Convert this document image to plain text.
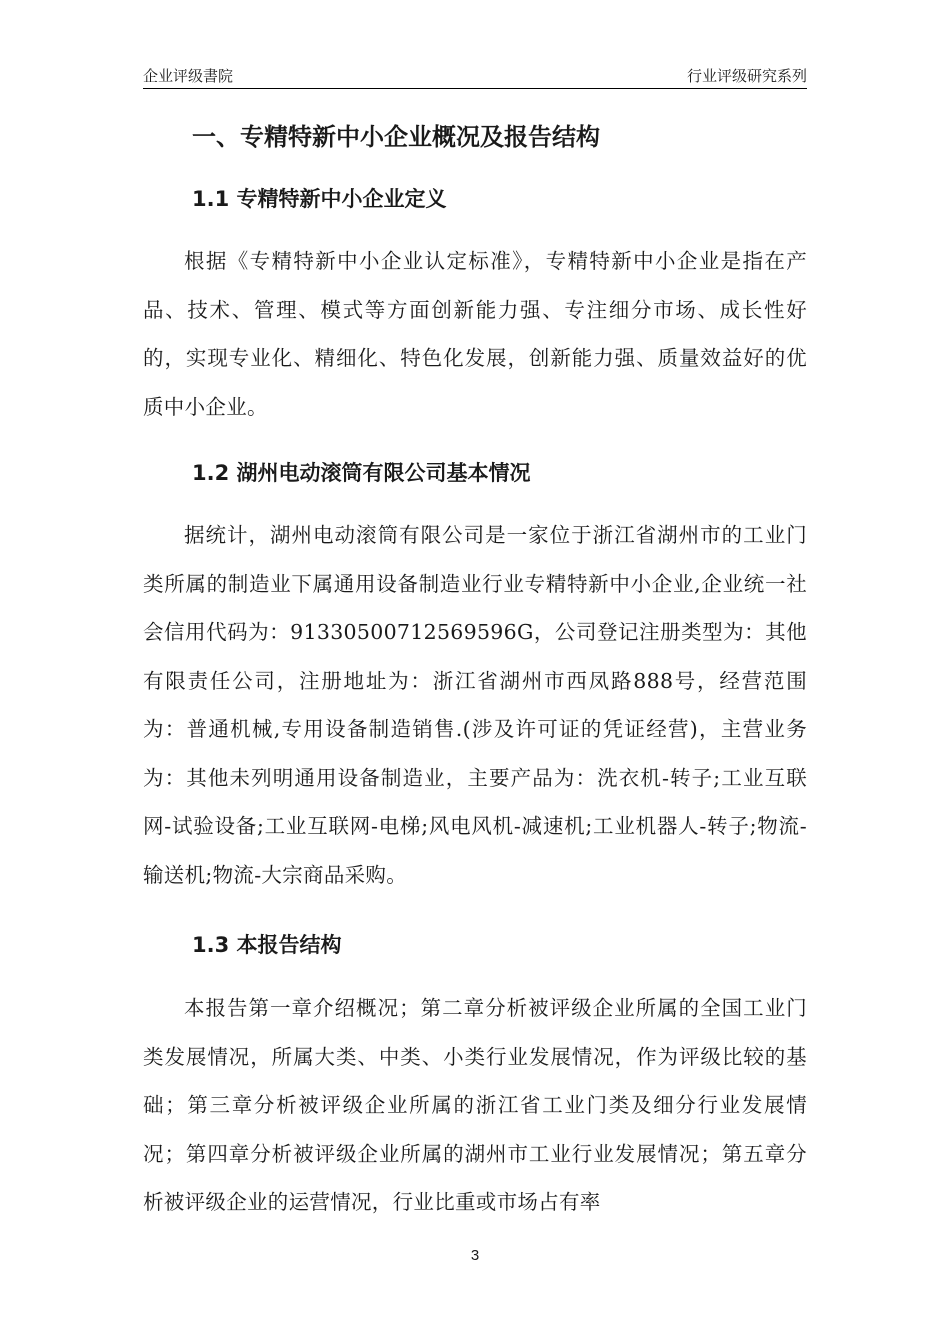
企业评级書院	行业评级研究系列
一、专精特新中小企业概况及报告结构
1.1 专精特新中小企业定义

根据《专精特新中小企业认定标准》，专精特新中小企业是指在产品、技术、管理、模式等方面创新能力强、专注细分市场、成长性好的，实现专业化、精细化、特色化发展，创新能力强、质量效益好的优质中小企业。

1.2 湖州电动滚筒有限公司基本情况

据统计，湖州电动滚筒有限公司是一家位于浙江省湖州市的工业门类所属的制造业下属通用设备制造业行业专精特新中小企业,企业统一社会信用代码为：91330500712569596G，公司登记注册类型为：其他有限责任公司，注册地址为：浙江省湖州市西凤路888号，经营范围为：普通机械,专用设备制造销售.(涉及许可证的凭证经营)，主营业务为：其他未列明通用设备制造业，主要产品为：洗衣机-转子;工业互联网-试验设备;工业互联网-电梯;风电风机-减速机;工业机器人-转子;物流-输送机;物流-大宗商品采购。

1.3 本报告结构

本报告第一章介绍概况；第二章分析被评级企业所属的全国工业门类发展情况，所属大类、中类、小类行业发展情况，作为评级比较的基础；第三章分析被评级企业所属的浙江省工业门类及细分行业发展情况；第四章分析被评级企业所属的湖州市工业行业发展情况；第五章分析被评级企业的运营情况，行业比重或市场占有率

3
